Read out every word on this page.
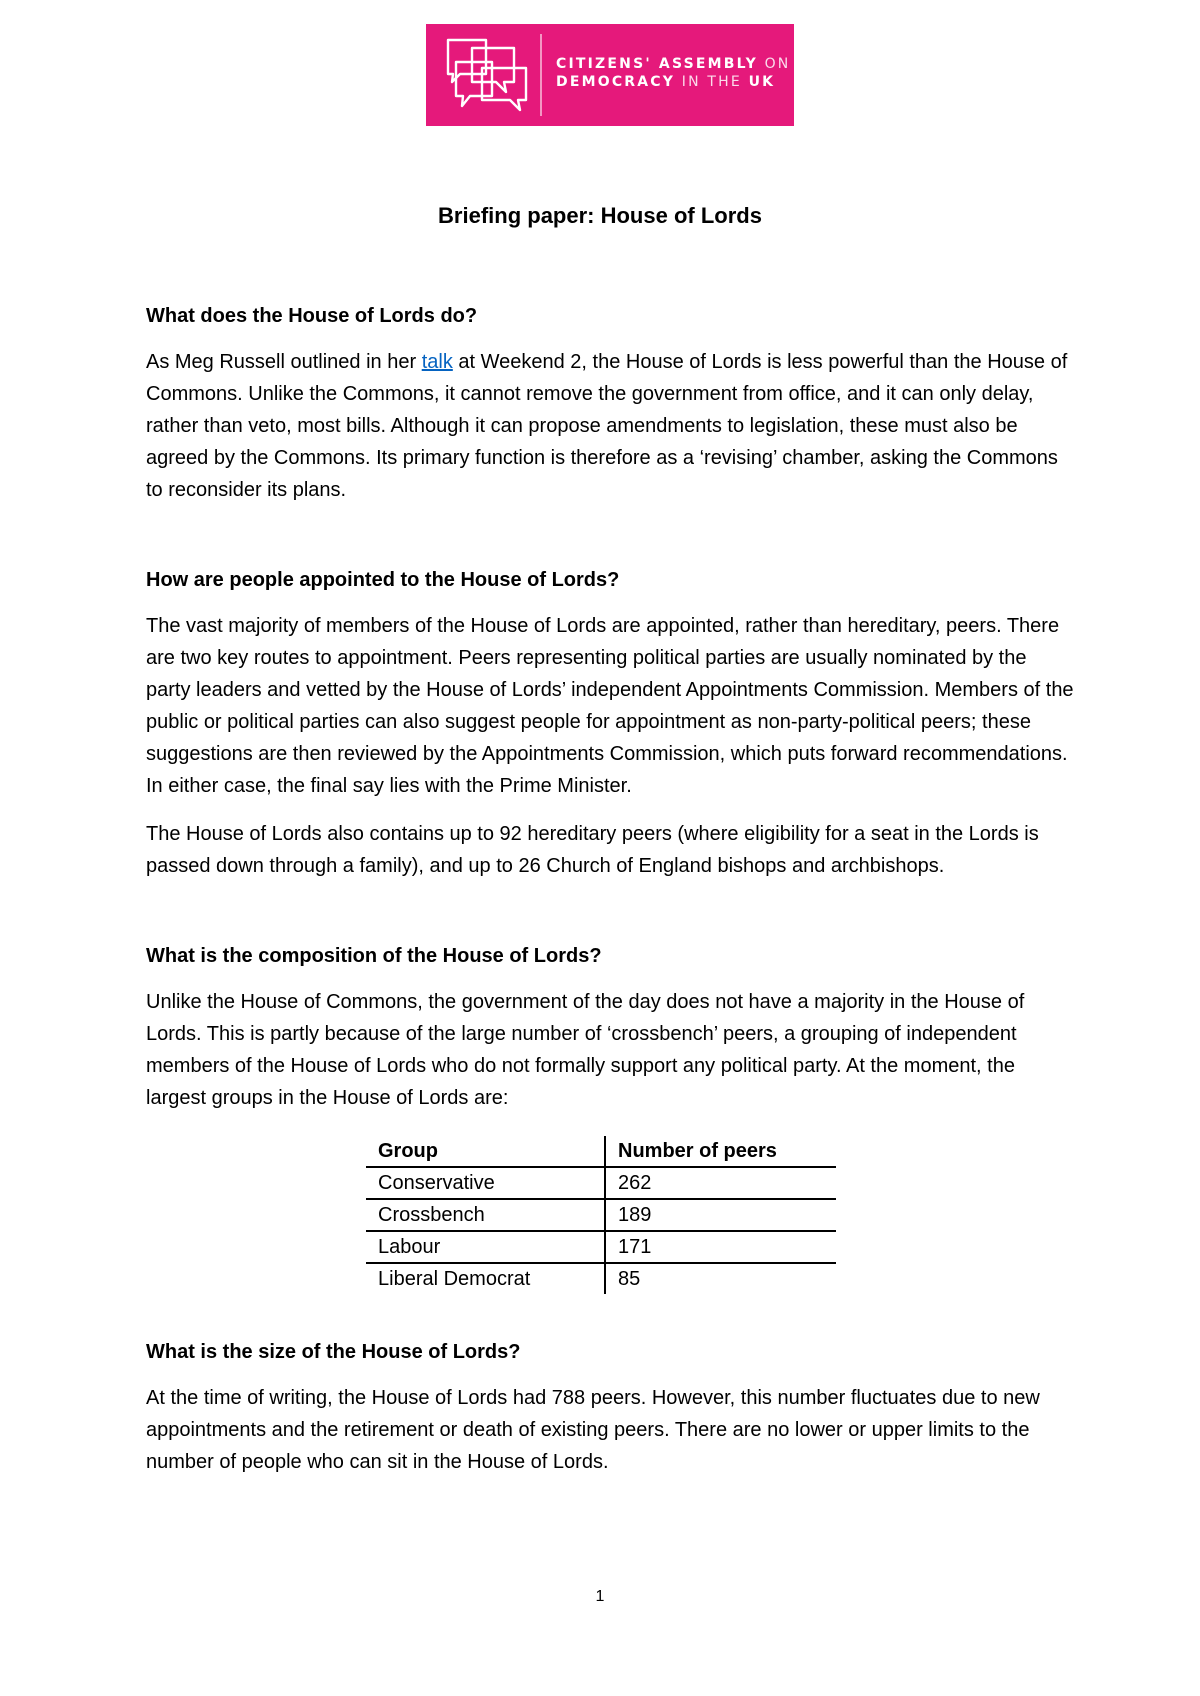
CITIZENS' ASSEMBLY ON
DEMOCRACY IN THE UK
Briefing paper: House of Lords
What does the House of Lords do?

As Meg Russell outlined in her talk at Weekend 2, the House of Lords is less powerful than the House of Commons. Unlike the Commons, it cannot remove the government from office, and it can only delay, rather than veto, most bills. Although it can propose amendments to legislation, these must also be agreed by the Commons. Its primary function is therefore as a ‘revising’ chamber, asking the Commons to reconsider its plans.

How are people appointed to the House of Lords?

The vast majority of members of the House of Lords are appointed, rather than hereditary, peers. There are two key routes to appointment. Peers representing political parties are usually nominated by the party leaders and vetted by the House of Lords’ independent Appointments Commission. Members of the public or political parties can also suggest people for appointment as non-party-political peers; these suggestions are then reviewed by the Appointments Commission, which puts forward recommendations. In either case, the final say lies with the Prime Minister.

The House of Lords also contains up to 92 hereditary peers (where eligibility for a seat in the Lords is passed down through a family), and up to 26 Church of England bishops and archbishops.

What is the composition of the House of Lords?

Unlike the House of Commons, the government of the day does not have a majority in the House of Lords. This is partly because of the large number of ‘crossbench’ peers, a grouping of independent members of the House of Lords who do not formally support any political party. At the moment, the largest groups in the House of Lords are:

Group	Number of peers
Conservative	262
Crossbench	189
Labour	171
Liberal Democrat	85
What is the size of the House of Lords?

At the time of writing, the House of Lords had 788 peers. However, this number fluctuates due to new appointments and the retirement or death of existing peers. There are no lower or upper limits to the number of people who can sit in the House of Lords.

1
